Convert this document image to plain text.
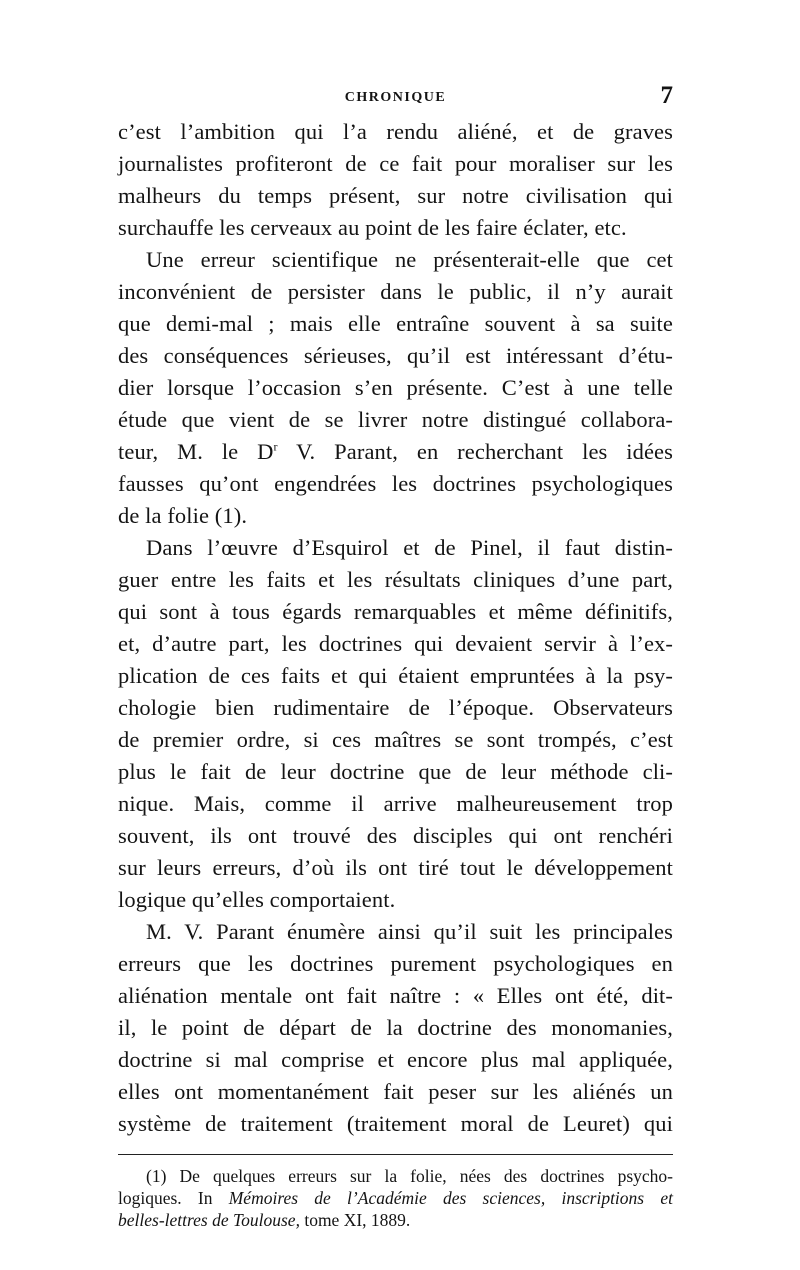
CHRONIQUE	7
c’est l’ambition qui l’a rendu aliéné, et de graves
journalistes profiteront de ce fait pour moraliser sur les
malheurs du temps présent, sur notre civilisation qui
surchauffe les cerveaux au point de les faire éclater, etc.
Une erreur scientifique ne présenterait-elle que cet
inconvénient de persister dans le public, il n’y aurait
que demi-mal ; mais elle entraîne souvent à sa suite
des conséquences sérieuses, qu’il est intéressant d’étu-
dier lorsque l’occasion s’en présente. C’est à une telle
étude que vient de se livrer notre distingué collabora-
teur, M. le $D^r$ V. Parant, en recherchant les idées
fausses qu’ont engendrées les doctrines psychologiques
de la folie (1).
Dans l’œuvre d’Esquirol et de Pinel, il faut distin-
guer entre les faits et les résultats cliniques d’une part,
qui sont à tous égards remarquables et même définitifs,
et, d’autre part, les doctrines qui devaient servir à l’ex-
plication de ces faits et qui étaient empruntées à la psy-
chologie bien rudimentaire de l’époque. Observateurs
de premier ordre, si ces maîtres se sont trompés, c’est
plus le fait de leur doctrine que de leur méthode cli-
nique. Mais, comme il arrive malheureusement trop
souvent, ils ont trouvé des disciples qui ont renchéri
sur leurs erreurs, d’où ils ont tiré tout le développement
logique qu’elles comportaient.
M. V. Parant énumère ainsi qu’il suit les principales
erreurs que les doctrines purement psychologiques en
aliénation mentale ont fait naître : « Elles ont été, dit-
il, le point de départ de la doctrine des monomanies,
doctrine si mal comprise et encore plus mal appliquée,
elles ont momentanément fait peser sur les aliénés un
système de traitement (traitement moral de Leuret) qui
(1) De quelques erreurs sur la folie, nées des doctrines psycho-
logiques. In Mémoires de l’Académie des sciences, inscriptions et
belles-lettres de Toulouse, tome XI, 1889.
